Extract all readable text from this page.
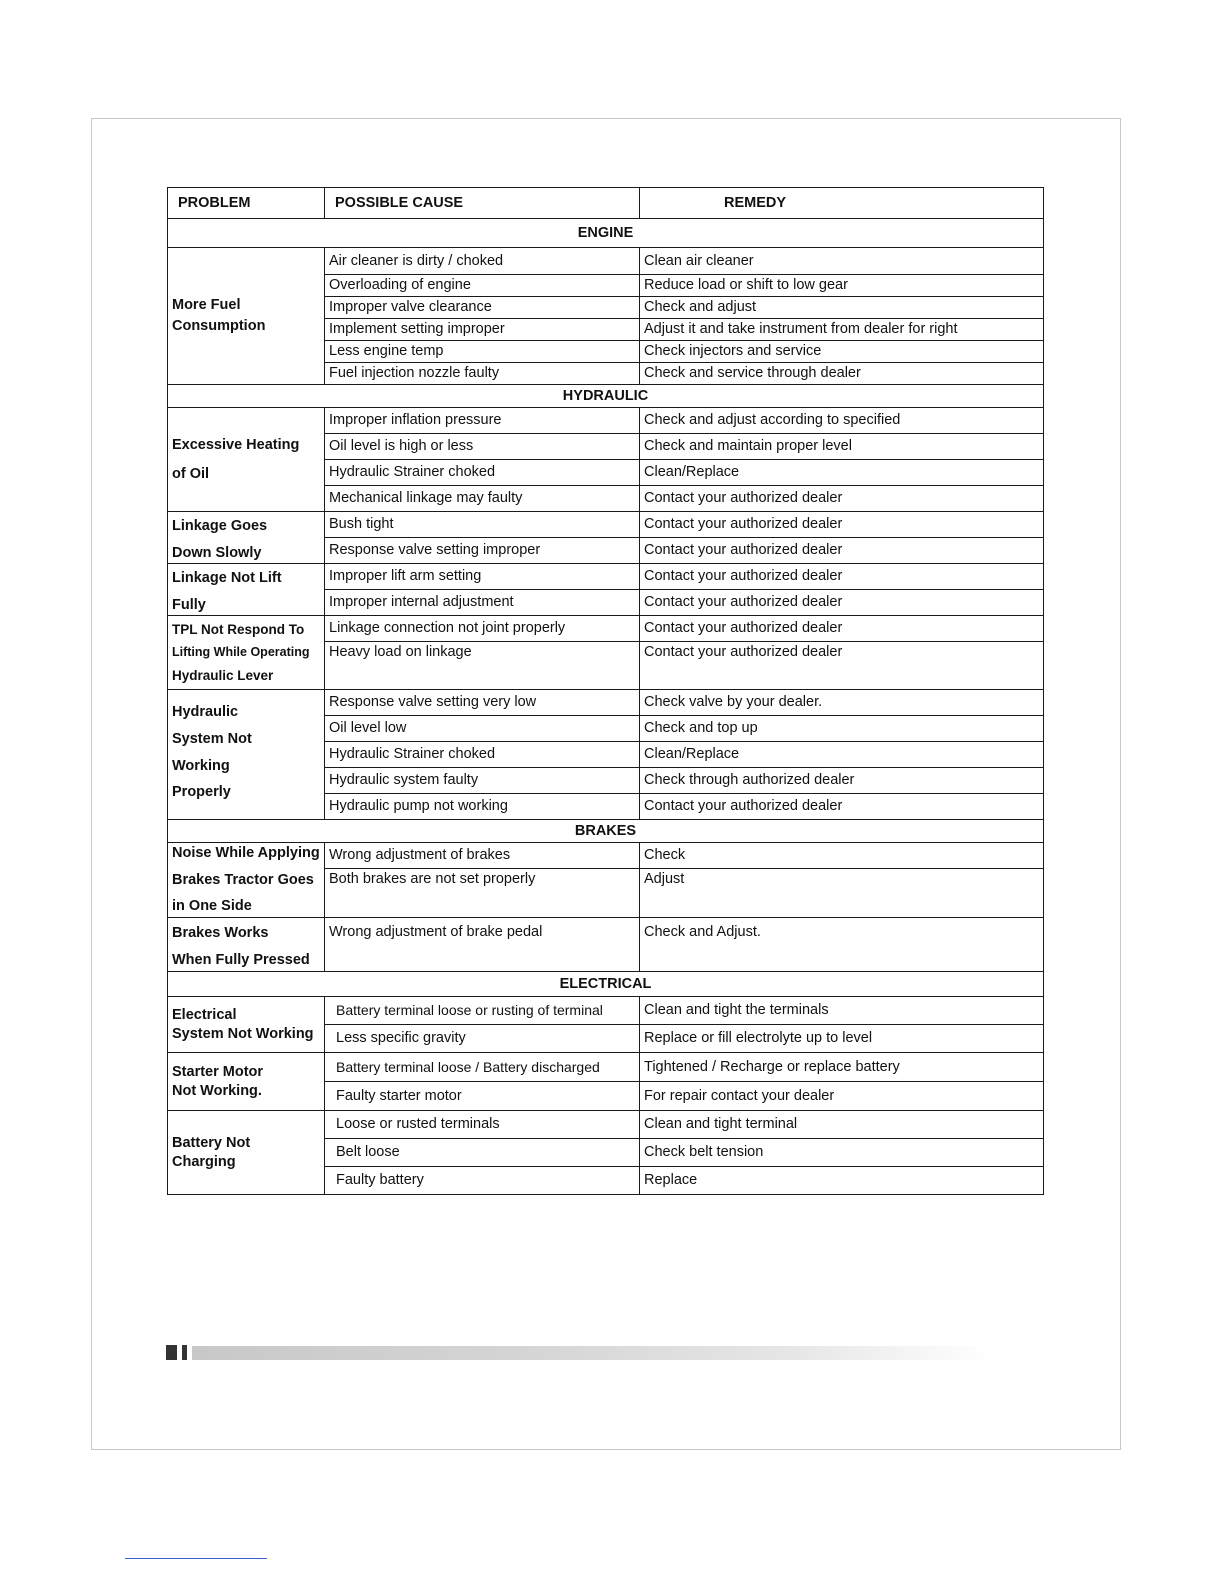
PROBLEM	POSSIBLE CAUSE	REMEDY
ENGINE		

More Fuel
Consumption	Air cleaner is dirty / choked	Clean air cleaner
	Overloading of engine	Reduce load or shift to low gear
	Improper valve clearance	Check and adjust
	Implement setting improper	Adjust it and take instrument from dealer for right
	Less engine temp	Check injectors and service
	Fuel injection nozzle faulty	Check and service through dealer
HYDRAULIC		

Excessive Heating
of Oil	Improper inflation pressure	Check and adjust according to specified
	Oil level is high or less	Check and maintain proper level
	Hydraulic Strainer choked	Clean/Replace
	Mechanical linkage may faulty	Contact your authorized dealer

Linkage Goes
Down Slowly	Bush tight	Contact your authorized dealer
	Response valve setting improper	Contact your authorized dealer

Linkage Not Lift
Fully	Improper lift arm setting	Contact your authorized dealer
	Improper internal adjustment	Contact your authorized dealer

TPL Not Respond To
Lifting While Operating
Hydraulic Lever	Linkage connection not joint properly	Contact your authorized dealer
	Heavy load on linkage	Contact your authorized dealer

Hydraulic
System Not
Working
Properly	Response valve setting very low	Check valve by your dealer.
	Oil level low	Check and top up
	Hydraulic Strainer choked	Clean/Replace
	Hydraulic system faulty	Check through authorized dealer
	Hydraulic pump not working	Contact your authorized dealer
BRAKES		

Noise While Applying
Brakes Tractor Goes
in One Side	Wrong adjustment of brakes	Check
	Both brakes are not set properly	Adjust

Brakes Works
When Fully Pressed	Wrong adjustment of brake pedal	Check and Adjust.
ELECTRICAL		

Electrical
System Not Working	Battery terminal loose or rusting of terminal	Clean and tight the terminals
	Less specific gravity	Replace or fill electrolyte up to level

Starter Motor
Not Working.	Battery terminal loose / Battery discharged	Tightened / Recharge or replace battery
	Faulty starter motor	For repair contact your dealer

Battery Not
Charging	Loose or rusted terminals	Clean and tight terminal
	Belt loose	Check belt tension
	Faulty battery	Replace
